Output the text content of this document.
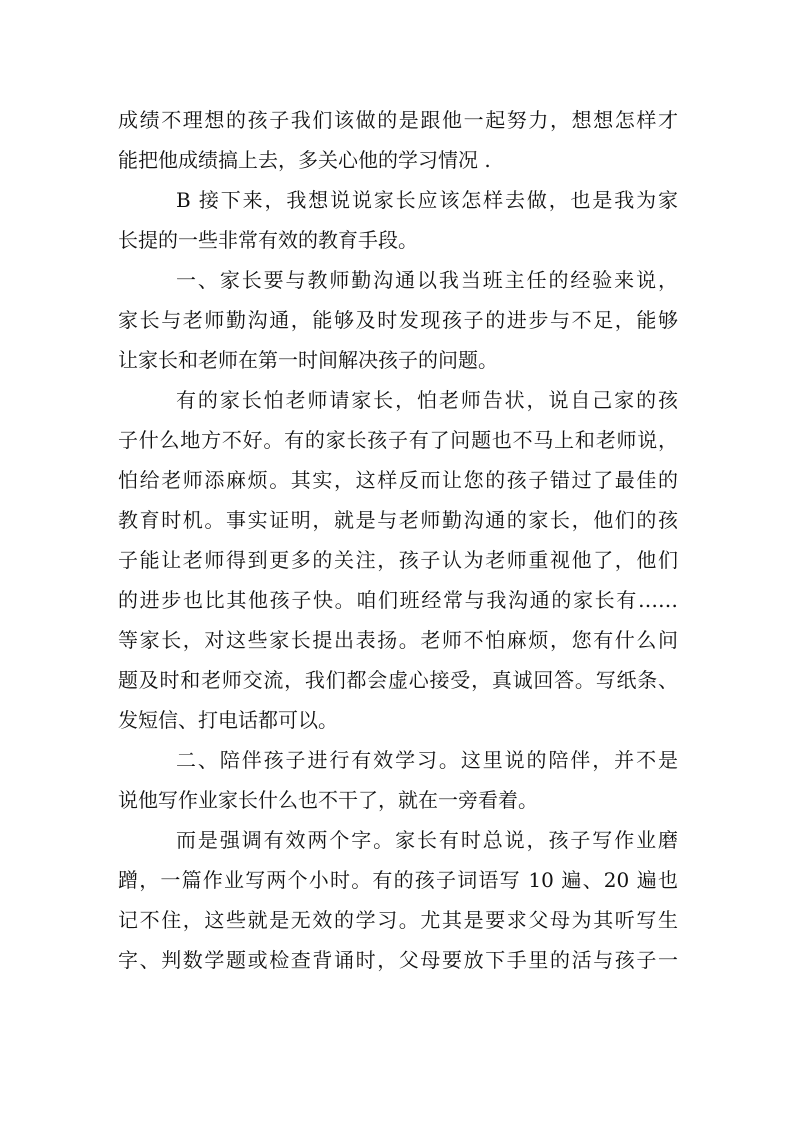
成绩不理想的孩子我们该做的是跟他一起努力，想想怎样才
能把他成绩搞上去，多关心他的学习情况 .
B 接下来，我想说说家长应该怎样去做，也是我为家
长提的一些非常有效的教育手段。
一、家长要与教师勤沟通以我当班主任的经验来说，
家长与老师勤沟通，能够及时发现孩子的进步与不足，能够
让家长和老师在第一时间解决孩子的问题。
有的家长怕老师请家长，怕老师告状，说自己家的孩
子什么地方不好。有的家长孩子有了问题也不马上和老师说，
怕给老师添麻烦。其实，这样反而让您的孩子错过了最佳的
教育时机。事实证明，就是与老师勤沟通的家长，他们的孩
子能让老师得到更多的关注，孩子认为老师重视他了，他们
的进步也比其他孩子快。咱们班经常与我沟通的家长有……
等家长，对这些家长提出表扬。老师不怕麻烦，您有什么问
题及时和老师交流，我们都会虚心接受，真诚回答。写纸条、
发短信、打电话都可以。
二、陪伴孩子进行有效学习。这里说的陪伴，并不是
说他写作业家长什么也不干了，就在一旁看着。
而是强调有效两个字。家长有时总说，孩子写作业磨
蹭，一篇作业写两个小时。有的孩子词语写 10 遍、20 遍也
记不住，这些就是无效的学习。尤其是要求父母为其听写生
字、判数学题或检查背诵时，父母要放下手里的活与孩子一
